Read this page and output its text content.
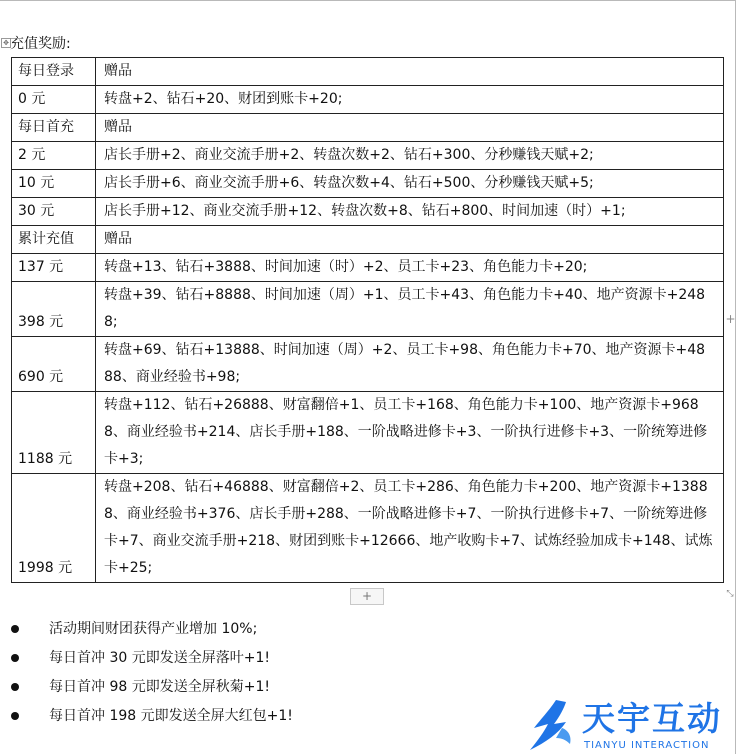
✥ 充值奖励:
每日登录	赠品
0 元	转盘+2、钻石+20、财团到账卡+20;
每日首充	赠品
2 元	店长手册+2、商业交流手册+2、转盘次数+2、钻石+300、分秒赚钱天赋+2;
10 元	店长手册+6、商业交流手册+6、转盘次数+4、钻石+500、分秒赚钱天赋+5;
30 元	店长手册+12、商业交流手册+12、转盘次数+8、钻石+800、时间加速（时）+1;
累计充值	赠品
137 元	转盘+13、钻石+3888、时间加速（时）+2、员工卡+23、角色能力卡+20;
398 元	转盘+39、钻石+8888、时间加速（周）+1、员工卡+43、角色能力卡+40、地产资源卡+2488;
690 元	转盘+69、钻石+13888、时间加速（周）+2、员工卡+98、角色能力卡+70、地产资源卡+4888、商业经验书+98;
1188 元	转盘+112、钻石+26888、财富翻倍+1、员工卡+168、角色能力卡+100、地产资源卡+9688、商业经验书+214、店长手册+188、一阶战略进修卡+3、一阶执行进修卡+3、一阶统筹进修卡+3;
1998 元	转盘+208、钻石+46888、财富翻倍+2、员工卡+286、角色能力卡+200、地产资源卡+13888、商业经验书+376、店长手册+288、一阶战略进修卡+7、一阶执行进修卡+7、一阶统筹进修卡+7、商业交流手册+218、财团到账卡+12666、地产收购卡+7、试炼经验加成卡+148、试炼卡+25;
+
+
⤡
活动期间财团获得产业增加 10%;
每日首冲 30 元即发送全屏落叶+1!
每日首冲 98 元即发送全屏秋菊+1!
每日首冲 198 元即发送全屏大红包+1!	天宇互动
TIANYU INTERACTION
